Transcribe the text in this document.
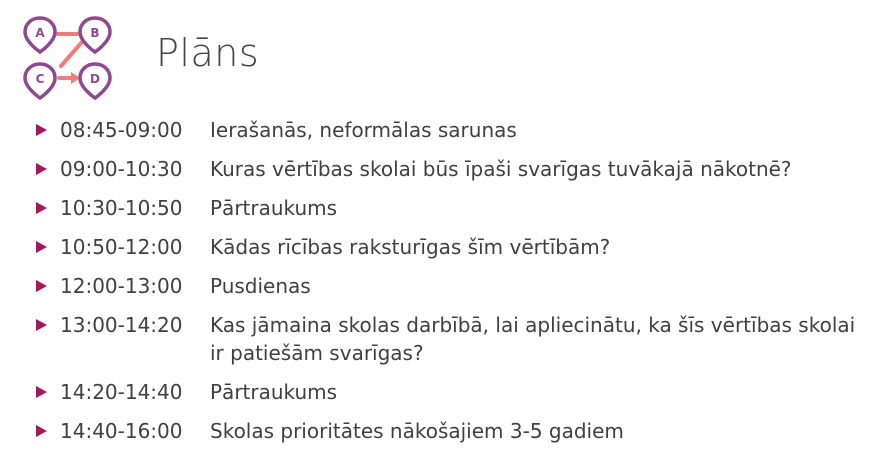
A	B
C	D
Plāns
08:45-09:00	Ierašanās, neformālas sarunas
09:00-10:30	Kuras vērtības skolai būs īpaši svarīgas tuvākajā nākotnē?
10:30-10:50	Pārtraukums
10:50-12:00	Kādas rīcības raksturīgas šīm vērtībām?
12:00-13:00	Pusdienas
13:00-14:20	Kas jāmaina skolas darbībā, lai apliecinātu, ka šīs vērtības skolai ir patiešām svarīgas?
14:20-14:40	Pārtraukums
14:40-16:00	Skolas prioritātes nākošajiem 3-5 gadiem
